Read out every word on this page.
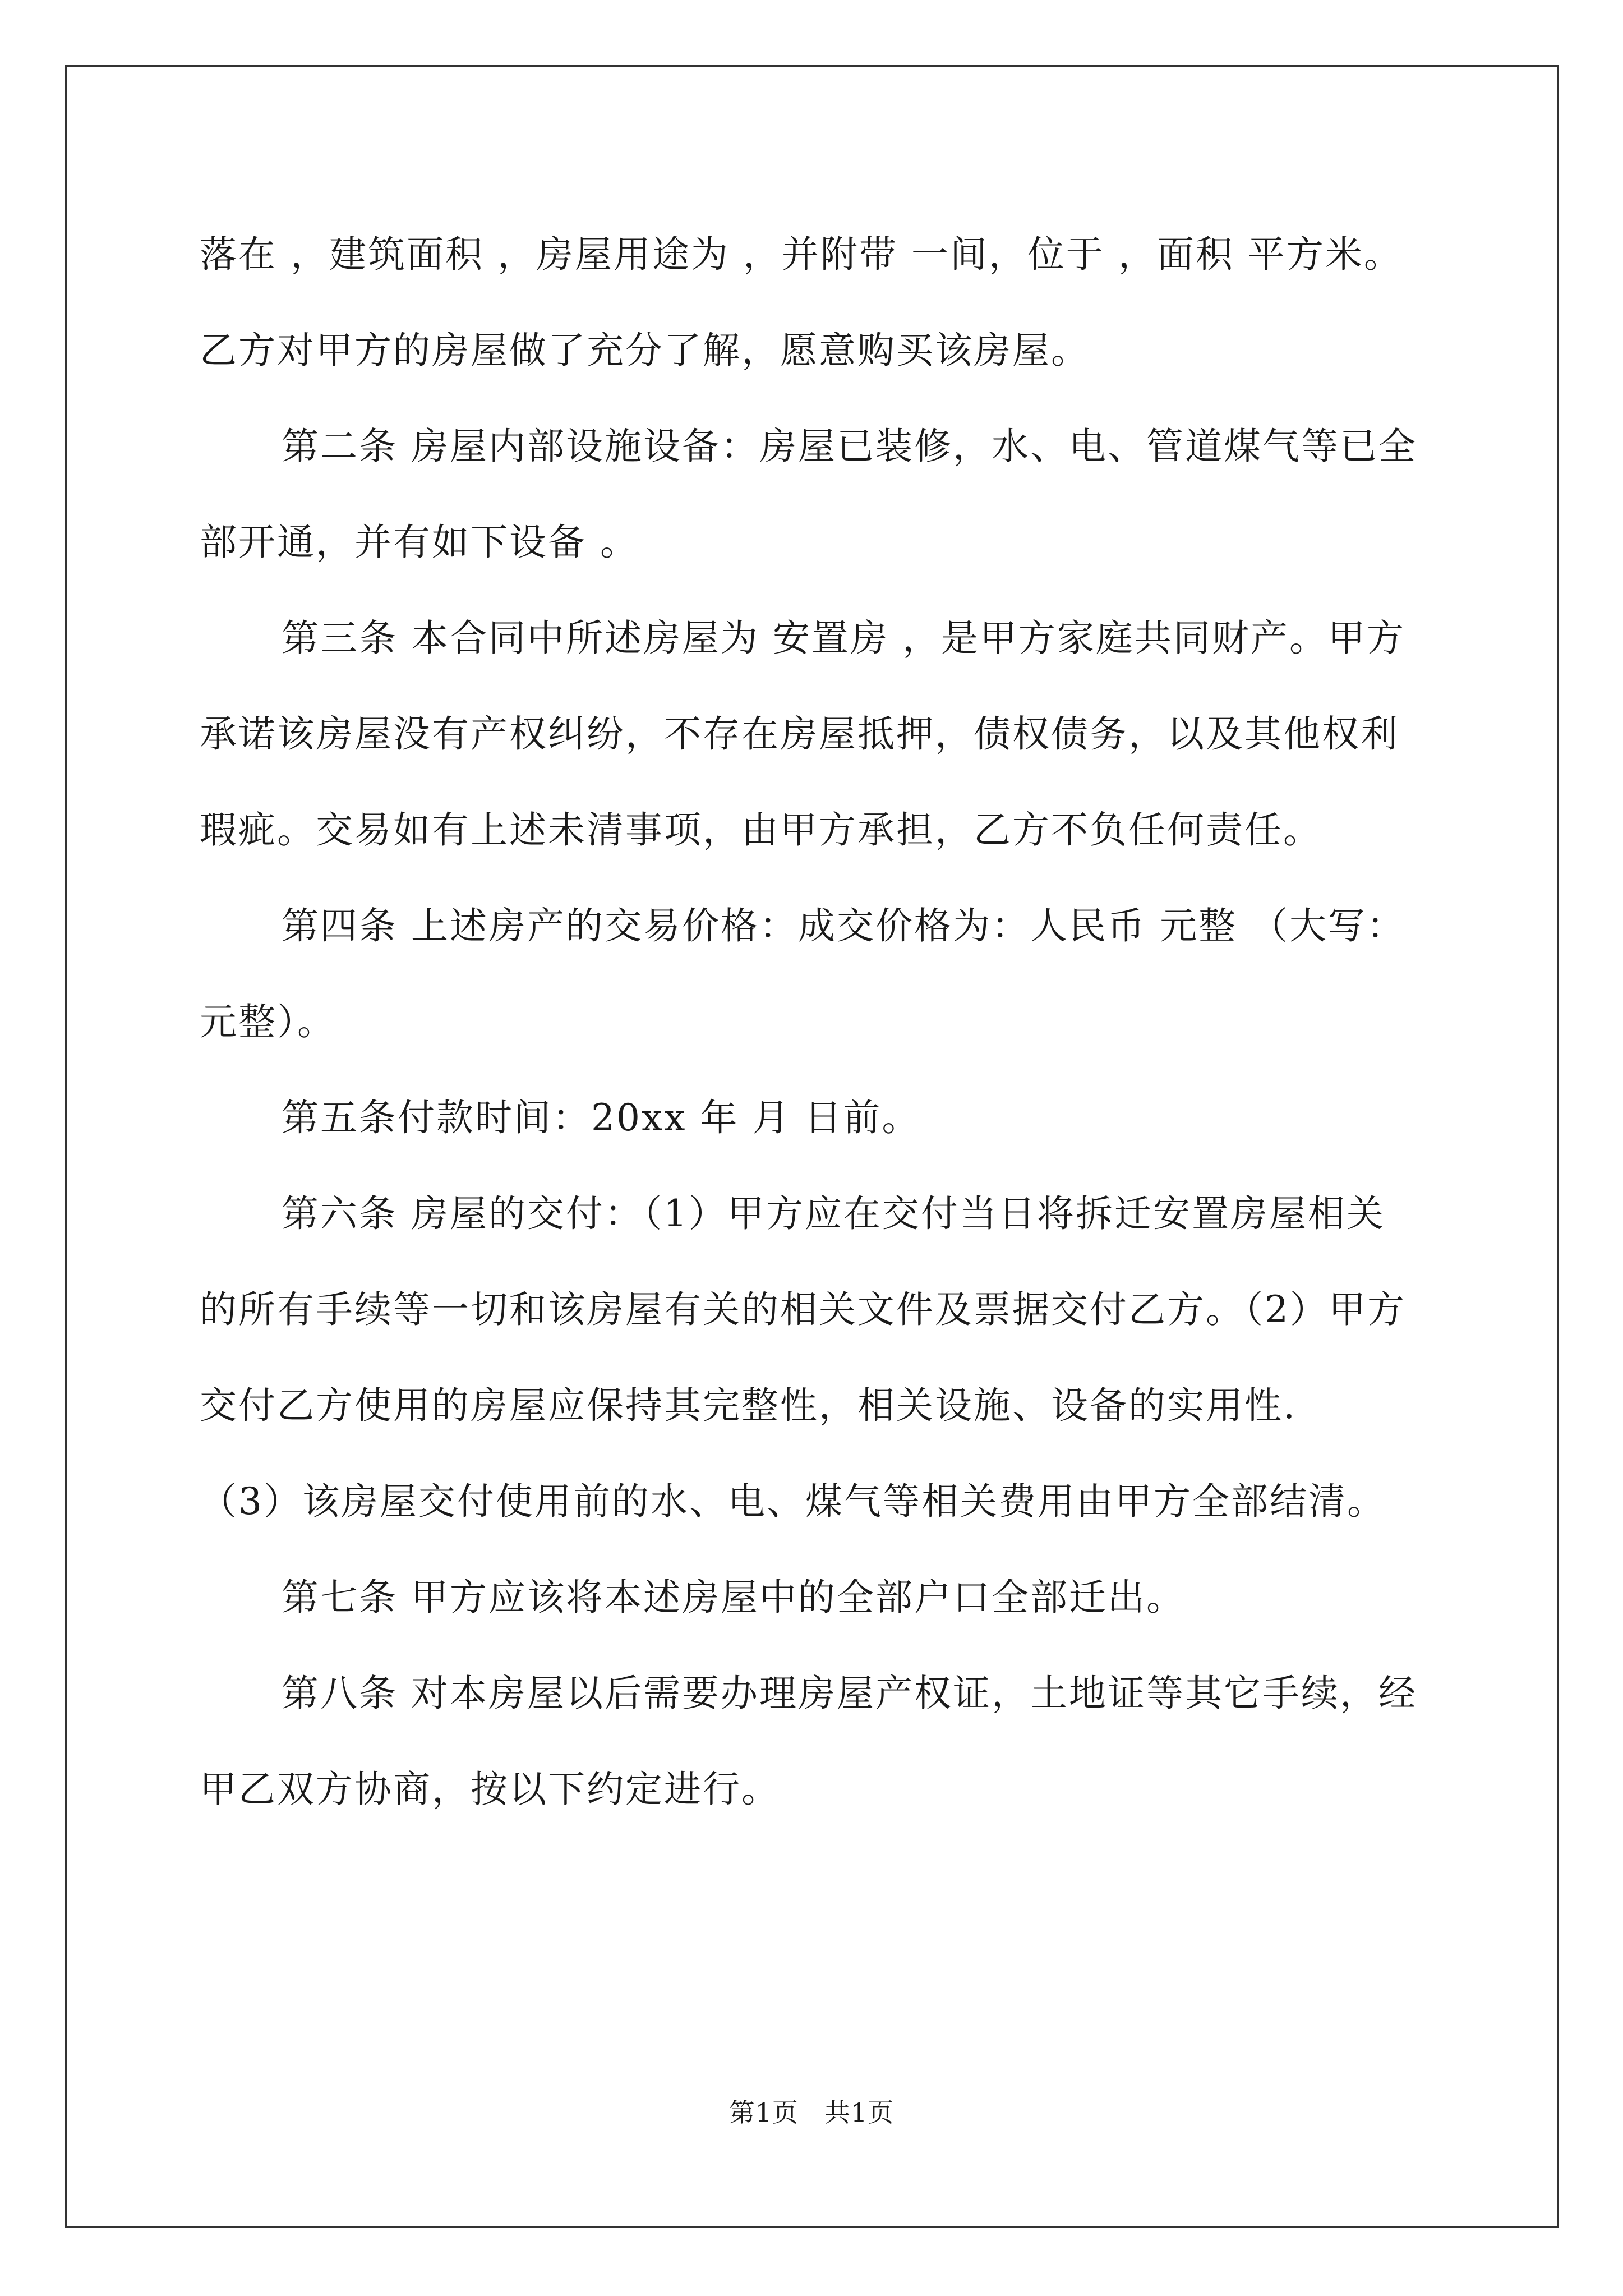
落在 ，建筑面积 ，房屋用途为 ，并附带 一间，位于 ，面积 平方米。乙方对甲方的房屋做了充分了解，愿意购买该房屋。

第二条 房屋内部设施设备：房屋已装修，水、电、管道煤气等已全部开通，并有如下设备 。

第三条 本合同中所述房屋为 安置房 ，是甲方家庭共同财产。甲方承诺该房屋没有产权纠纷，不存在房屋抵押，债权债务，以及其他权利瑕疵。交易如有上述未清事项，由甲方承担，乙方不负任何责任。

第四条 上述房产的交易价格：成交价格为：人民币 元整 （大写：元整）。

第五条付款时间：20xx 年 月 日前。

第六条 房屋的交付：（1）甲方应在交付当日将拆迁安置房屋相关的所有手续等一切和该房屋有关的相关文件及票据交付乙方。（2）甲方交付乙方使用的房屋应保持其完整性，相关设施、设备的实用性.

（3）该房屋交付使用前的水、电、煤气等相关费用由甲方全部结清。

第七条 甲方应该将本述房屋中的全部户口全部迁出。

第八条 对本房屋以后需要办理房屋产权证，土地证等其它手续，经甲乙双方协商，按以下约定进行。

第1页 共1页
